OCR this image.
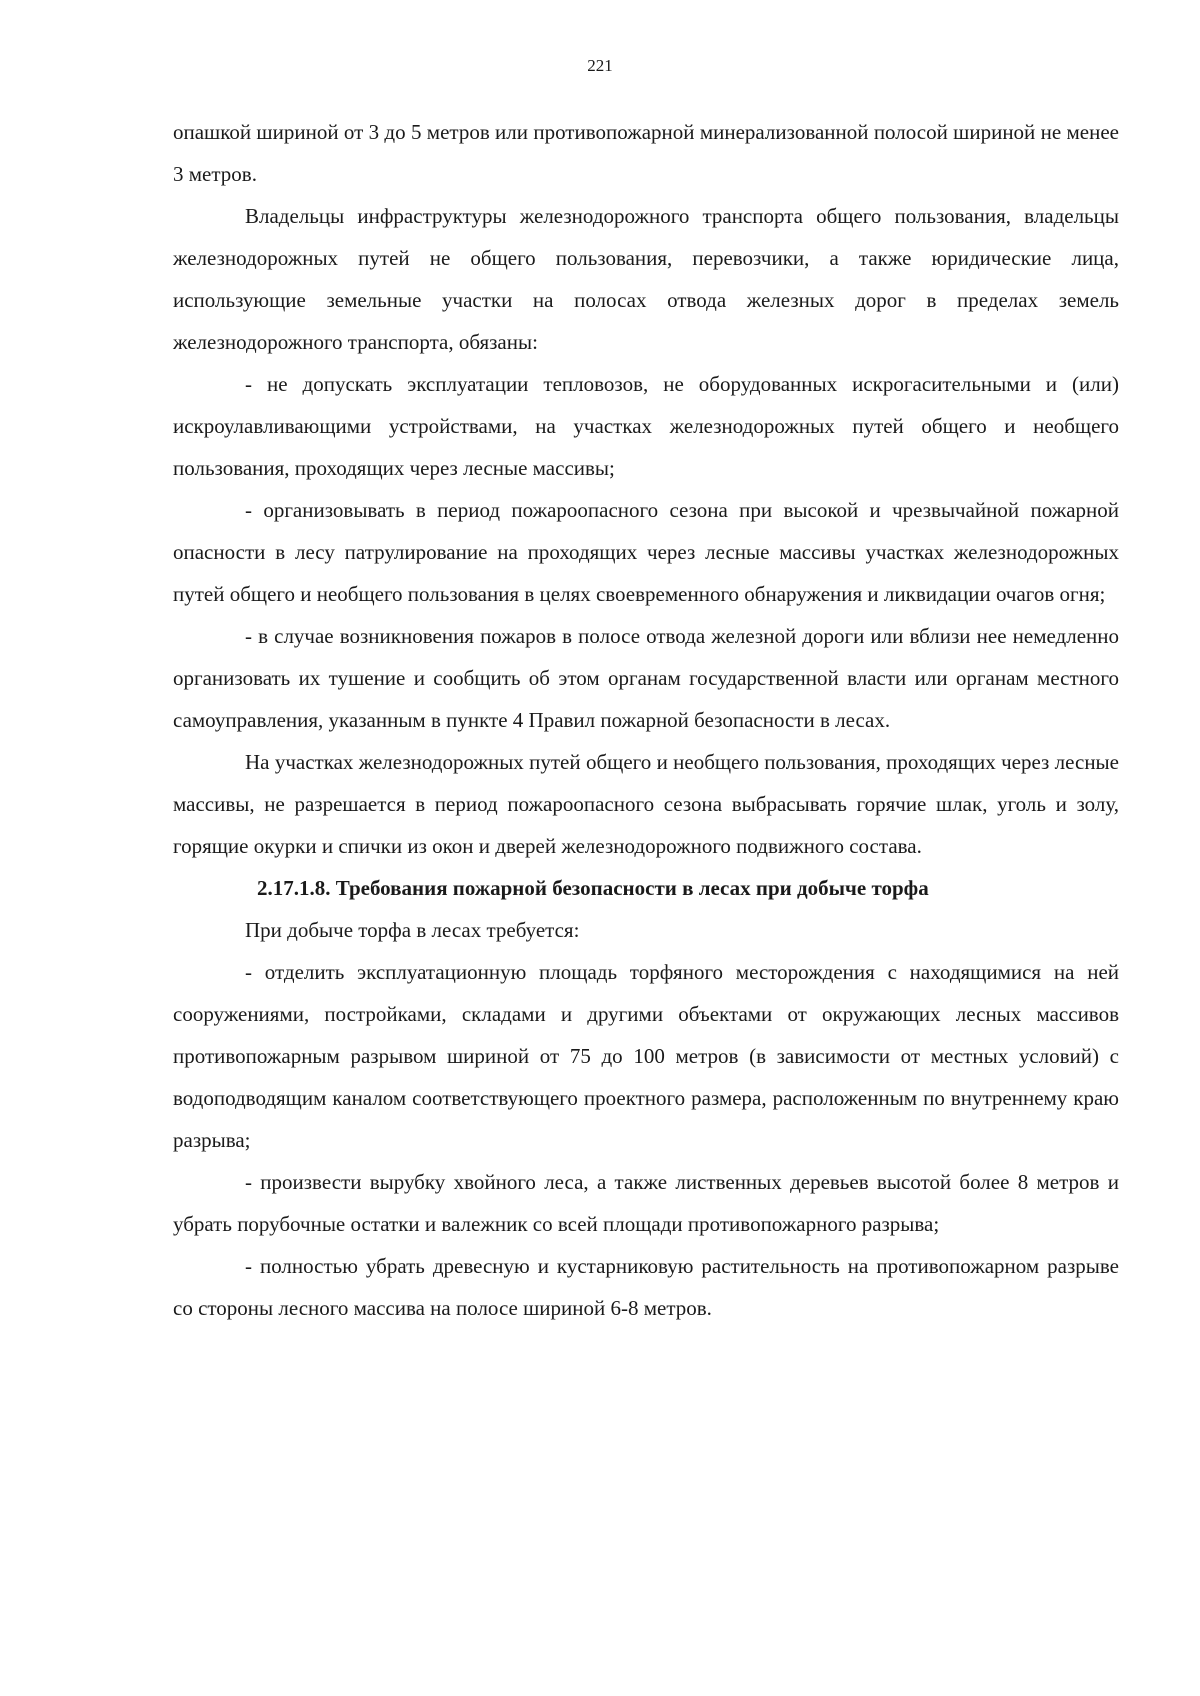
221

опашкой шириной от 3 до 5 метров или противопожарной минерализованной полосой шириной не менее 3 метров.

Владельцы инфраструктуры железнодорожного транспорта общего пользования, владельцы железнодорожных путей не общего пользования, перевозчики, а также юридические лица, использующие земельные участки на полосах отвода железных дорог в пределах земель железнодорожного транспорта, обязаны:

- не допускать эксплуатации тепловозов, не оборудованных искрогасительными и (или) искроулавливающими устройствами, на участках железнодорожных путей общего и необщего пользования, проходящих через лесные массивы;

- организовывать в период пожароопасного сезона при высокой и чрезвычайной пожарной опасности в лесу патрулирование на проходящих через лесные массивы участках железнодорожных путей общего и необщего пользования в целях своевременного обнаружения и ликвидации очагов огня;

- в случае возникновения пожаров в полосе отвода железной дороги или вблизи нее немедленно организовать их тушение и сообщить об этом органам государственной власти или органам местного самоуправления, указанным в пункте 4 Правил пожарной безопасности в лесах.

На участках железнодорожных путей общего и необщего пользования, проходящих через лесные массивы, не разрешается в период пожароопасного сезона выбрасывать горячие шлак, уголь и золу, горящие окурки и спички из окон и дверей железнодорожного подвижного состава.

2.17.1.8. Требования пожарной безопасности в лесах при добыче торфа

При добыче торфа в лесах требуется:

- отделить эксплуатационную площадь торфяного месторождения с находящимися на ней сооружениями, постройками, складами и другими объектами от окружающих лесных массивов противопожарным разрывом шириной от 75 до 100 метров (в зависимости от местных условий) с водоподводящим каналом соответствующего проектного размера, расположенным по внутреннему краю разрыва;

- произвести вырубку хвойного леса, а также лиственных деревьев высотой более 8 метров и убрать порубочные остатки и валежник со всей площади противопожарного разрыва;

- полностью убрать древесную и кустарниковую растительность на противопожарном разрыве со стороны лесного массива на полосе шириной 6-8 метров.
